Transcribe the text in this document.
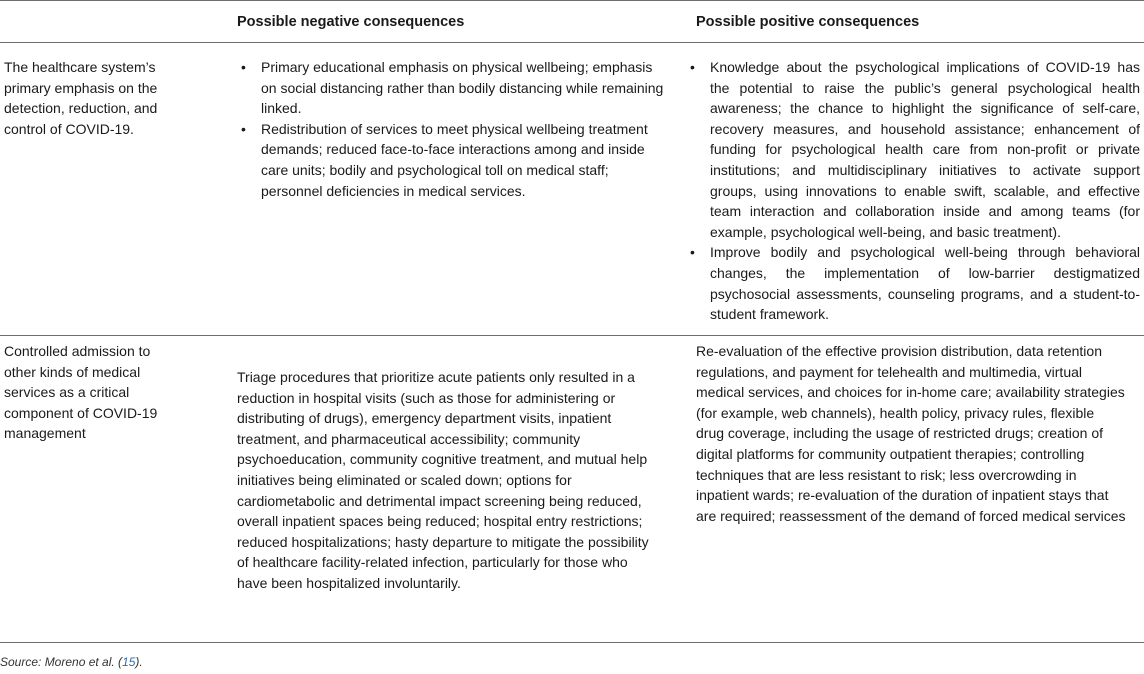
Possible negative consequences	Possible positive consequences
The healthcare system’s primary emphasis on the detection, reduction, and control of COVID-19.
• Primary educational emphasis on physical wellbeing; emphasis on social distancing rather than bodily distancing while remaining linked.
• Redistribution of services to meet physical wellbeing treatment demands; reduced face-to-face interactions among and inside care units; bodily and psychological toll on medical staff; personnel deficiencies in medical services.
• Knowledge about the psychological implications of COVID-19 has the potential to raise the public’s general psychological health awareness; the chance to highlight the significance of self-care, recovery measures, and household assistance; enhancement of funding for psychological health care from non-profit or private institutions; and multidisciplinary initiatives to activate support groups, using innovations to enable swift, scalable, and effective team interaction and collaboration inside and among teams (for example, psychological well-being, and basic treatment).
• Improve bodily and psychological well-being through behavioral changes, the implementation of low-barrier destigmatized psychosocial assessments, counseling programs, and a student-to-student framework.
Controlled admission to other kinds of medical services as a critical component of COVID-19 management
Triage procedures that prioritize acute patients only resulted in a reduction in hospital visits (such as those for administering or distributing of drugs), emergency department visits, inpatient treatment, and pharmaceutical accessibility; community psychoeducation, community cognitive treatment, and mutual help initiatives being eliminated or scaled down; options for cardiometabolic and detrimental impact screening being reduced, overall inpatient spaces being reduced; hospital entry restrictions; reduced hospitalizations; hasty departure to mitigate the possibility of healthcare facility-related infection, particularly for those who have been hospitalized involuntarily.
Re-evaluation of the effective provision distribution, data retention regulations, and payment for telehealth and multimedia, virtual medical services, and choices for in-home care; availability strategies (for example, web channels), health policy, privacy rules, flexible drug coverage, including the usage of restricted drugs; creation of digital platforms for community outpatient therapies; controlling techniques that are less resistant to risk; less overcrowding in inpatient wards; re-evaluation of the duration of inpatient stays that are required; reassessment of the demand of forced medical services
Source: Moreno et al. (15).
